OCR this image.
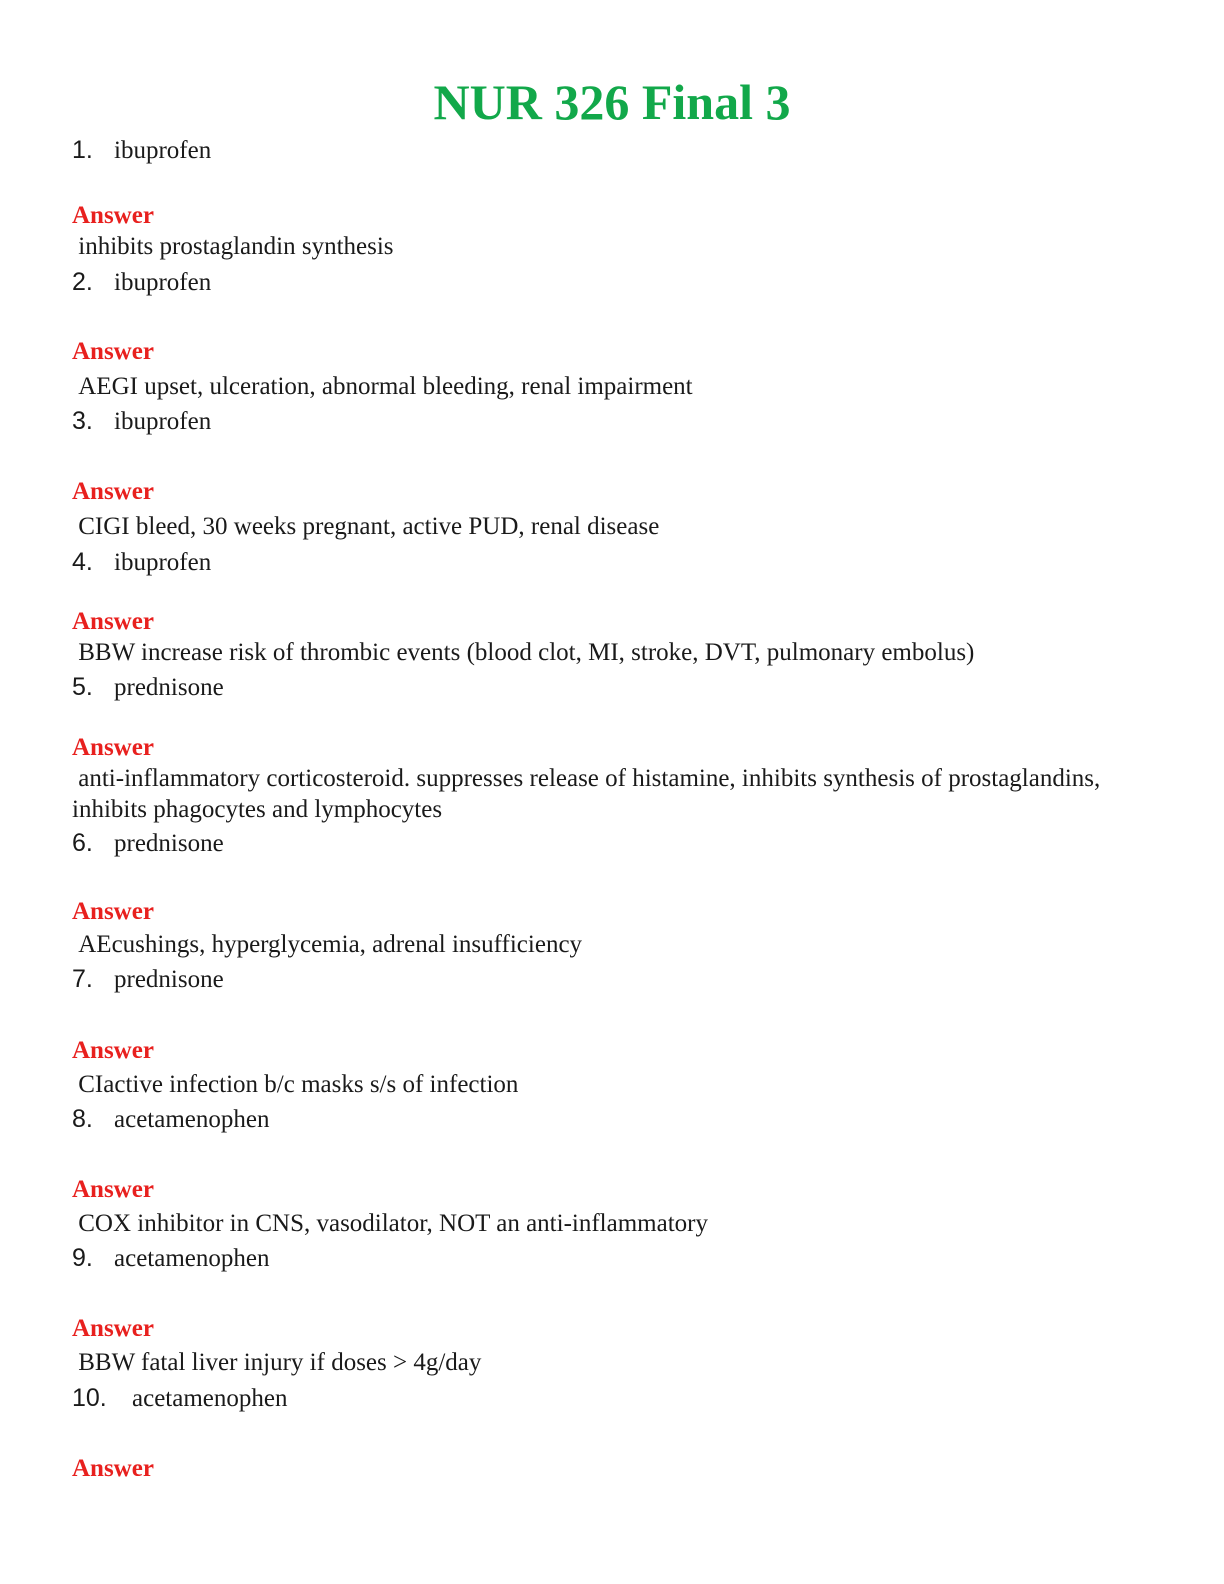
NUR 326 Final 3
1. ibuprofen
Answer
inhibits prostaglandin synthesis
2. ibuprofen
Answer
AEGI upset, ulceration, abnormal bleeding, renal impairment
3. ibuprofen
Answer
CIGI bleed, 30 weeks pregnant, active PUD, renal disease
4. ibuprofen
Answer
BBW increase risk of thrombic events (blood clot, MI, stroke, DVT, pulmonary embolus)
5. prednisone
Answer
anti-inflammatory corticosteroid. suppresses release of histamine, inhibits synthesis of prostaglandins, inhibits phagocytes and lymphocytes
6. prednisone
Answer
AEcushings, hyperglycemia, adrenal insufficiency
7. prednisone
Answer
CIactive infection b/c masks s/s of infection
8. acetamenophen
Answer
COX inhibitor in CNS, vasodilator, NOT an anti-inflammatory
9. acetamenophen
Answer
BBW fatal liver injury if doses > 4g/day
10. acetamenophen
Answer
